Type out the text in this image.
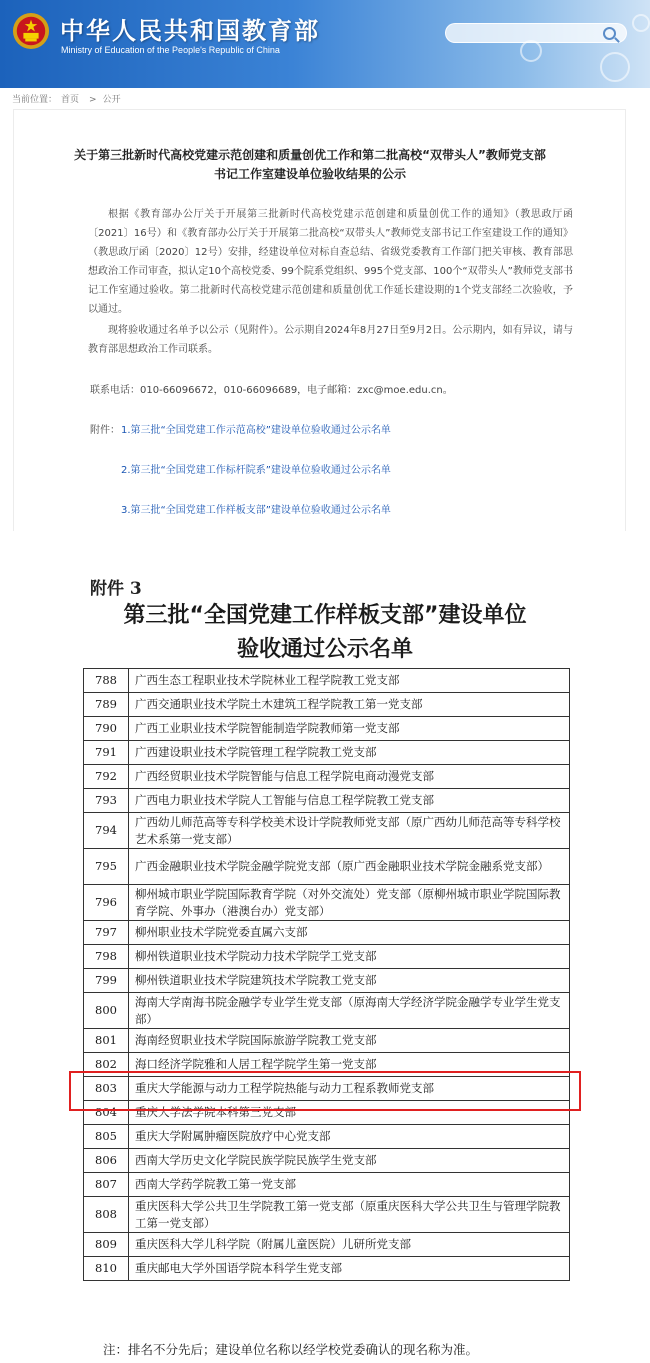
中华人民共和国教育部
Ministry of Education of the People's Republic of China
当前位置： 首页 > 公开
关于第三批新时代高校党建示范创建和质量创优工作和第二批高校“双带头人”教师党支部
书记工作室建设单位验收结果的公示
根据《教育部办公厅关于开展第三批新时代高校党建示范创建和质量创优工作的通知》（教思政厅函〔2021〕16号）和《教育部办公厅关于开展第二批高校“双带头人”教师党支部书记工作室建设工作的通知》（教思政厅函〔2020〕12号）安排，经建设单位对标自查总结、省级党委教育工作部门把关审核、教育部思想政治工作司审查，拟认定10个高校党委、99个院系党组织、995个党支部、100个“双带头人”教师党支部书记工作室通过验收。第二批新时代高校党建示范创建和质量创优工作延长建设期的1个党支部经二次验收，予以通过。
现将验收通过名单予以公示（见附件）。公示期自2024年8月27日至9月2日。公示期内，如有异议，请与教育部思想政治工作司联系。
联系电话：010-66096672，010-66096689，电子邮箱：zxc@moe.edu.cn。
附件： 1.第三批“全国党建工作示范高校”建设单位验收通过公示名单
2.第三批“全国党建工作标杆院系”建设单位验收通过公示名单
3.第三批“全国党建工作样板支部”建设单位验收通过公示名单
附件 3
第三批“全国党建工作样板支部”建设单位
验收通过公示名单
788	广西生态工程职业技术学院林业工程学院教工党支部
789	广西交通职业技术学院土木建筑工程学院教工第一党支部
790	广西工业职业技术学院智能制造学院教师第一党支部
791	广西建设职业技术学院管理工程学院教工党支部
792	广西经贸职业技术学院智能与信息工程学院电商动漫党支部
793	广西电力职业技术学院人工智能与信息工程学院教工党支部
794	广西幼儿师范高等专科学校美术设计学院教师党支部（原广西幼儿师范高等专科学校艺术系第一党支部）
795	广西金融职业技术学院金融学院党支部（原广西金融职业技术学院金融系党支部）
796	柳州城市职业学院国际教育学院（对外交流处）党支部（原柳州城市职业学院国际教育学院、外事办（港澳台办）党支部）
797	柳州职业技术学院党委直属六支部
798	柳州铁道职业技术学院动力技术学院学工党支部
799	柳州铁道职业技术学院建筑技术学院教工党支部
800	海南大学南海书院金融学专业学生党支部（原海南大学经济学院金融学专业学生党支部）
801	海南经贸职业技术学院国际旅游学院教工党支部
802	海口经济学院雅和人居工程学院学生第一党支部
803	重庆大学能源与动力工程学院热能与动力工程系教师党支部
804	重庆大学法学院本科第三党支部
805	重庆大学附属肿瘤医院放疗中心党支部
806	西南大学历史文化学院民族学院民族学生党支部
807	西南大学药学院教工第一党支部
808	重庆医科大学公共卫生学院教工第一党支部（原重庆医科大学公共卫生与管理学院教工第一党支部）
809	重庆医科大学儿科学院（附属儿童医院）儿研所党支部
810	重庆邮电大学外国语学院本科学生党支部
注：排名不分先后；建设单位名称以经学校党委确认的现名称为准。
